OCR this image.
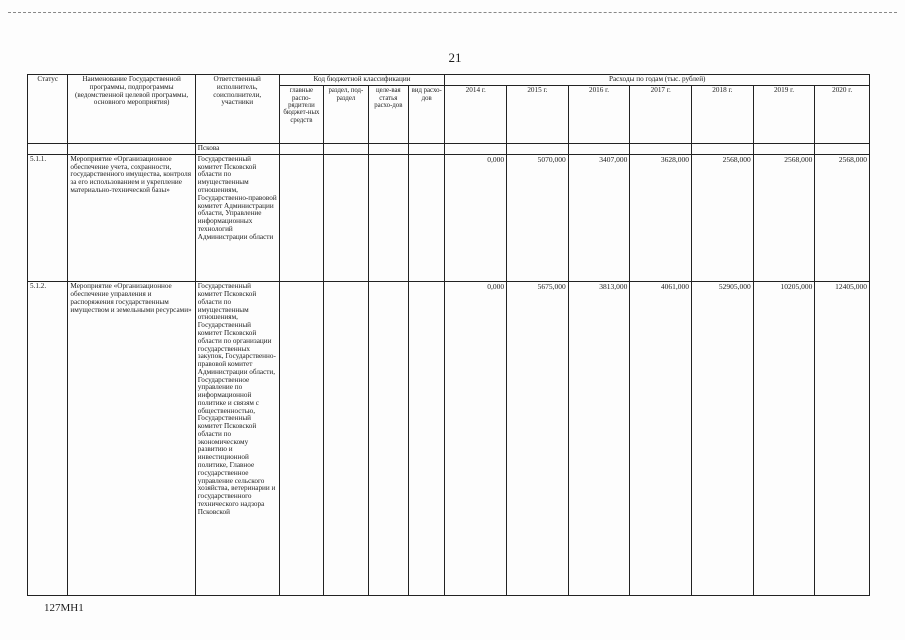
21
Статус	Наименование Государственной программы, подпрограммы (ведомственной целевой программы, основного мероприятия)	Ответственный исполнитель, соисполнители, участники	Код бюджетной классификации				Расходы по годам (тыс. рублей)						
			главные распо-рядители бюджет-ных средств	раздел, под-раздел	целе-вая статья расхо-дов	вид расхо-дов	2014 г.	2015 г.	2016 г.	2017 г.	2018 г.	2019 г.	2020 г.
		Пскова											
5.1.1.	Мероприятие «Организационное обеспечение учета, сохранности, государственного имущества, контроля за его использованием и укрепление материально-технической базы»	Государственный комитет Псковской области по имущественным отношениям, Государственно-правовой комитет Администрации области, Управление информационных технологий Администрации области					0,000	5070,000	3407,000	3628,000	2568,000	2568,000	2568,000
5.1.2.	Мероприятие «Организационное обеспечение управления и распоряжения государственным имуществом и земельными ресурсами»	Государственный комитет Псковской области по имущественным отношениям, Государственный комитет Псковской области по организации государственных закупок, Государственно-правовой комитет Администрации области, Государственное управление по информационной политике и связям с общественностью, Государственный комитет Псковской области по экономическому развитию и инвестиционной политике, Главное государственное управление сельского хозяйства, ветеринарии и государственного технического надзора Псковской					0,000	5675,000	3813,000	4061,000	52905,000	10205,000	12405,000
127МН1
